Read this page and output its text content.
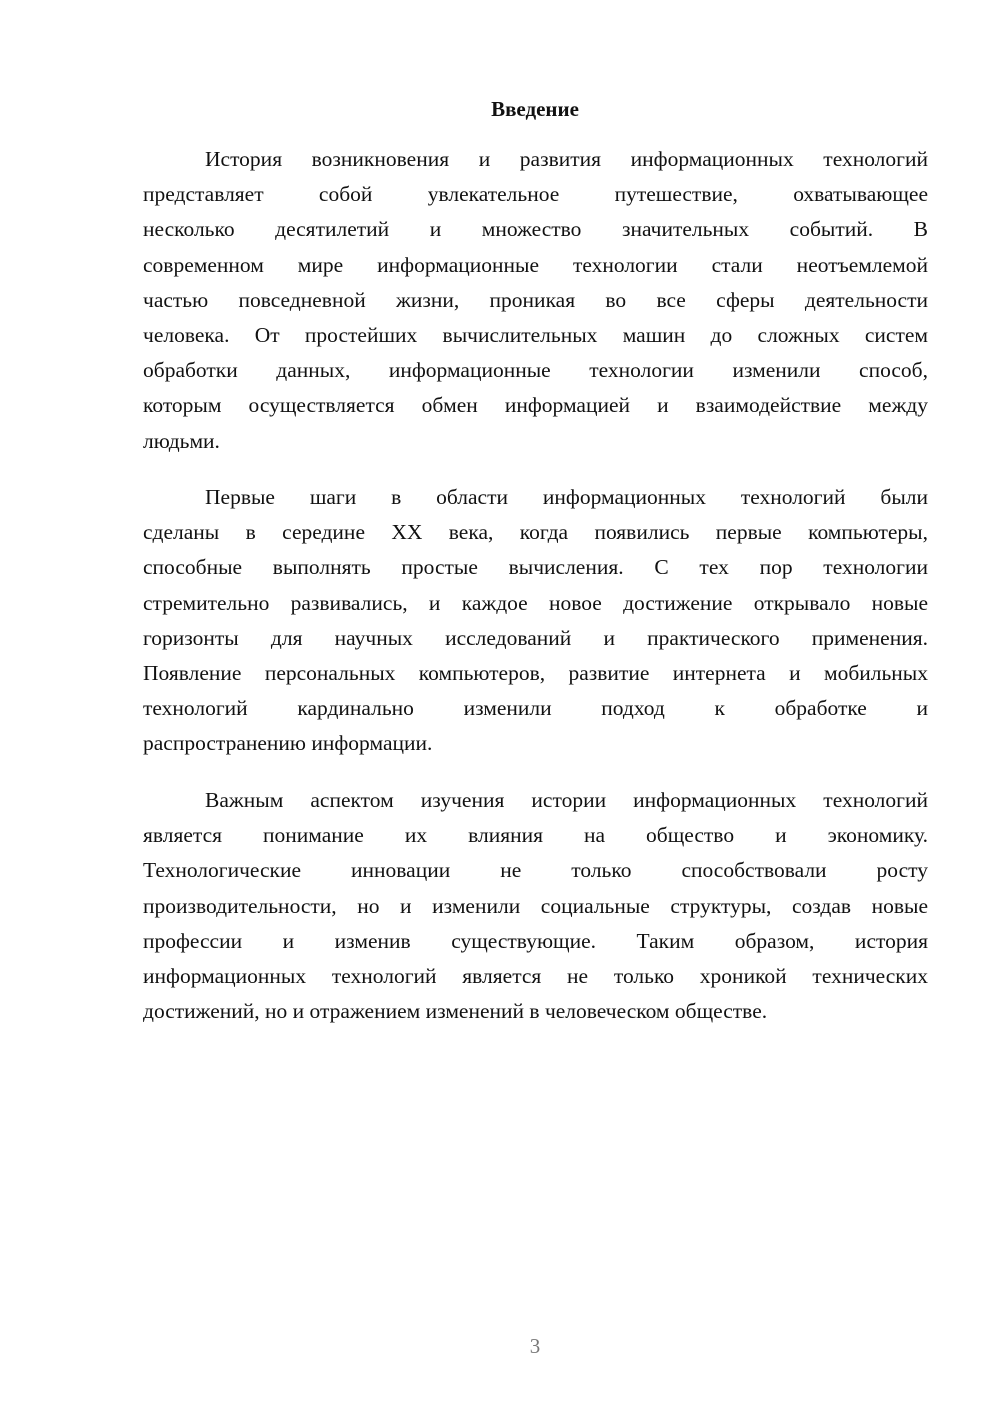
Введение
История возникновения и развития информационных технологий
представляет собой увлекательное путешествие, охватывающее
несколько десятилетий и множество значительных событий. В
современном мире информационные технологии стали неотъемлемой
частью повседневной жизни, проникая во все сферы деятельности
человека. От простейших вычислительных машин до сложных систем
обработки данных, информационные технологии изменили способ,
которым осуществляется обмен информацией и взаимодействие между
людьми.
Первые шаги в области информационных технологий были
сделаны в середине XX века, когда появились первые компьютеры,
способные выполнять простые вычисления. С тех пор технологии
стремительно развивались, и каждое новое достижение открывало новые
горизонты для научных исследований и практического применения.
Появление персональных компьютеров, развитие интернета и мобильных
технологий кардинально изменили подход к обработке и
распространению информации.
Важным аспектом изучения истории информационных технологий
является понимание их влияния на общество и экономику.
Технологические инновации не только способствовали росту
производительности, но и изменили социальные структуры, создав новые
профессии и изменив существующие. Таким образом, история
информационных технологий является не только хроникой технических
достижений, но и отражением изменений в человеческом обществе.
3
